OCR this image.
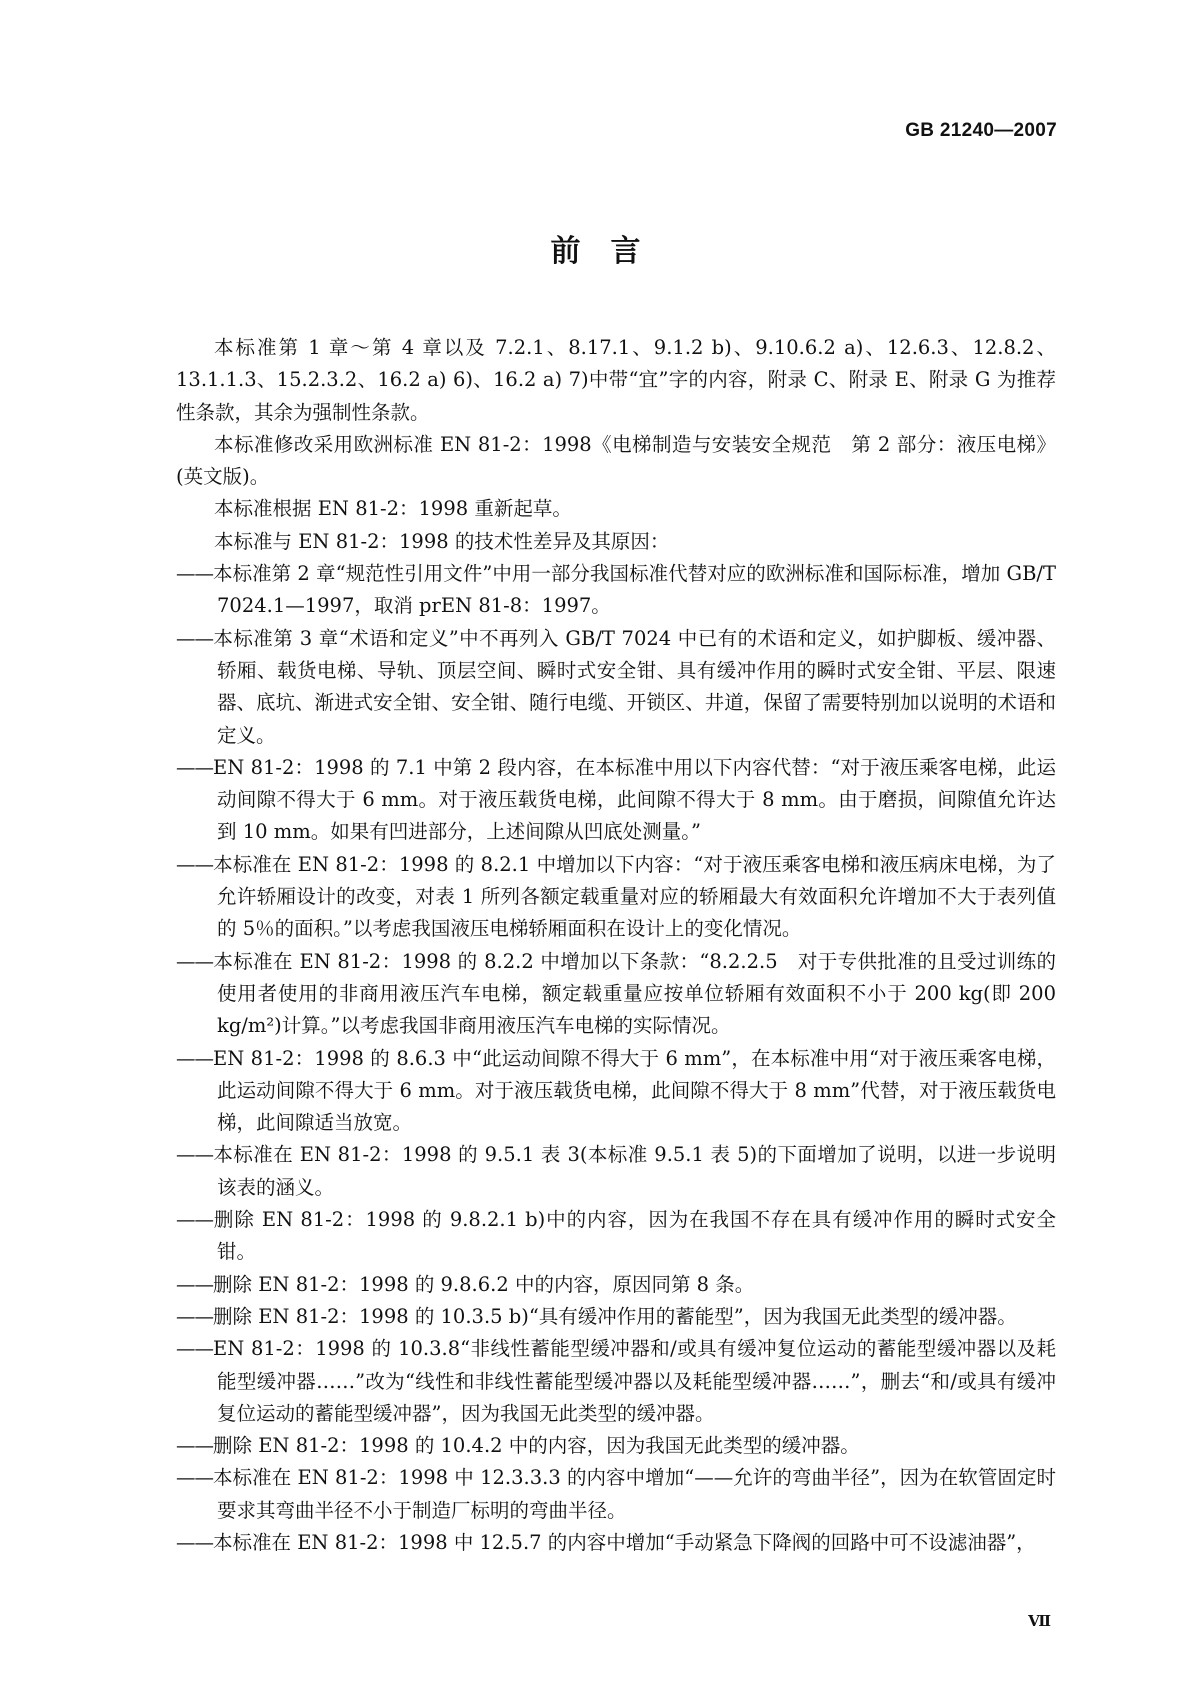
GB 21240—2007
前　言

本标准第 1 章～第 4 章以及 7.2.1、8.17.1、9.1.2 b)、9.10.6.2 a)、12.6.3、12.8.2、13.1.1.3、15.2.3.2、16.2 a) 6)、16.2 a) 7)中带“宜”字的内容，附录 C、附录 E、附录 G 为推荐性条款，其余为强制性条款。

本标准修改采用欧洲标准 EN 81-2：1998《电梯制造与安装安全规范　第 2 部分：液压电梯》(英文版)。

本标准根据 EN 81-2：1998 重新起草。

本标准与 EN 81-2：1998 的技术性差异及其原因：

——本标准第 2 章“规范性引用文件”中用一部分我国标准代替对应的欧洲标准和国际标准，增加 GB/T 7024.1—1997，取消 prEN 81-8：1997。
——本标准第 3 章“术语和定义”中不再列入 GB/T 7024 中已有的术语和定义，如护脚板、缓冲器、轿厢、载货电梯、导轨、顶层空间、瞬时式安全钳、具有缓冲作用的瞬时式安全钳、平层、限速器、底坑、渐进式安全钳、安全钳、随行电缆、开锁区、井道，保留了需要特别加以说明的术语和定义。
——EN 81-2：1998 的 7.1 中第 2 段内容，在本标准中用以下内容代替：“对于液压乘客电梯，此运动间隙不得大于 6 mm。对于液压载货电梯，此间隙不得大于 8 mm。由于磨损，间隙值允许达到 10 mm。如果有凹进部分，上述间隙从凹底处测量。”
——本标准在 EN 81-2：1998 的 8.2.1 中增加以下内容：“对于液压乘客电梯和液压病床电梯，为了允许轿厢设计的改变，对表 1 所列各额定载重量对应的轿厢最大有效面积允许增加不大于表列值的 5％的面积。”以考虑我国液压电梯轿厢面积在设计上的变化情况。
——本标准在 EN 81-2：1998 的 8.2.2 中增加以下条款：“8.2.2.5　对于专供批准的且受过训练的使用者使用的非商用液压汽车电梯，额定载重量应按单位轿厢有效面积不小于 200 kg(即 200 kg/m²)计算。”以考虑我国非商用液压汽车电梯的实际情况。
——EN 81-2：1998 的 8.6.3 中“此运动间隙不得大于 6 mm”，在本标准中用“对于液压乘客电梯，此运动间隙不得大于 6 mm。对于液压载货电梯，此间隙不得大于 8 mm”代替，对于液压载货电梯，此间隙适当放宽。
——本标准在 EN 81-2：1998 的 9.5.1 表 3(本标准 9.5.1 表 5)的下面增加了说明，以进一步说明该表的涵义。
——删除 EN 81-2：1998 的 9.8.2.1 b)中的内容，因为在我国不存在具有缓冲作用的瞬时式安全钳。
——删除 EN 81-2：1998 的 9.8.6.2 中的内容，原因同第 8 条。
——删除 EN 81-2：1998 的 10.3.5 b)“具有缓冲作用的蓄能型”，因为我国无此类型的缓冲器。
——EN 81-2：1998 的 10.3.8“非线性蓄能型缓冲器和/或具有缓冲复位运动的蓄能型缓冲器以及耗能型缓冲器……”改为“线性和非线性蓄能型缓冲器以及耗能型缓冲器……”，删去“和/或具有缓冲复位运动的蓄能型缓冲器”，因为我国无此类型的缓冲器。
——删除 EN 81-2：1998 的 10.4.2 中的内容，因为我国无此类型的缓冲器。
——本标准在 EN 81-2：1998 中 12.3.3.3 的内容中增加“——允许的弯曲半径”，因为在软管固定时要求其弯曲半径不小于制造厂标明的弯曲半径。
——本标准在 EN 81-2：1998 中 12.5.7 的内容中增加“手动紧急下降阀的回路中可不设滤油器”，
Ⅶ
